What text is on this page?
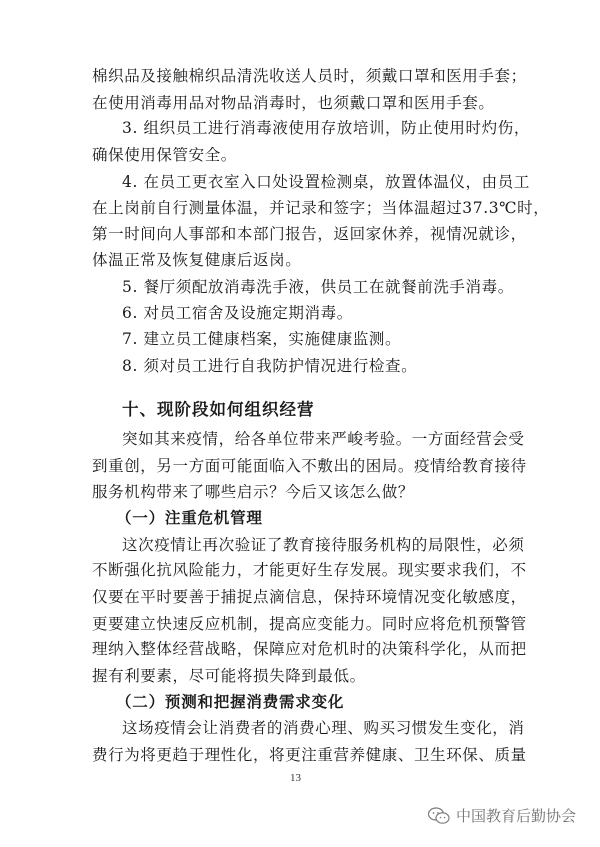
棉织品及接触棉织品清洗收送人员时，须戴口罩和医用手套；
在使用消毒用品对物品消毒时，也须戴口罩和医用手套。
3. 组织员工进行消毒液使用存放培训，防止使用时灼伤，
确保使用保管安全。
4. 在员工更衣室入口处设置检测桌，放置体温仪，由员工
在上岗前自行测量体温，并记录和签字；当体温超过37.3℃时，
第一时间向人事部和本部门报告，返回家休养，视情况就诊，
体温正常及恢复健康后返岗。
5. 餐厅须配放消毒洗手液，供员工在就餐前洗手消毒。
6. 对员工宿舍及设施定期消毒。
7. 建立员工健康档案，实施健康监测。
8. 须对员工进行自我防护情况进行检查。
十、现阶段如何组织经营
突如其来疫情，给各单位带来严峻考验。一方面经营会受
到重创，另一方面可能面临入不敷出的困局。疫情给教育接待
服务机构带来了哪些启示？今后又该怎么做？
（一）注重危机管理
这次疫情让再次验证了教育接待服务机构的局限性，必须
不断强化抗风险能力，才能更好生存发展。现实要求我们，不
仅要在平时要善于捕捉点滴信息，保持环境情况变化敏感度，
更要建立快速反应机制，提高应变能力。同时应将危机预警管
理纳入整体经营战略，保障应对危机时的决策科学化，从而把
握有利要素，尽可能将损失降到最低。
（二）预测和把握消费需求变化
这场疫情会让消费者的消费心理、购买习惯发生变化，消
费行为将更趋于理性化，将更注重营养健康、卫生环保、质量
13
中国教育后勤协会
